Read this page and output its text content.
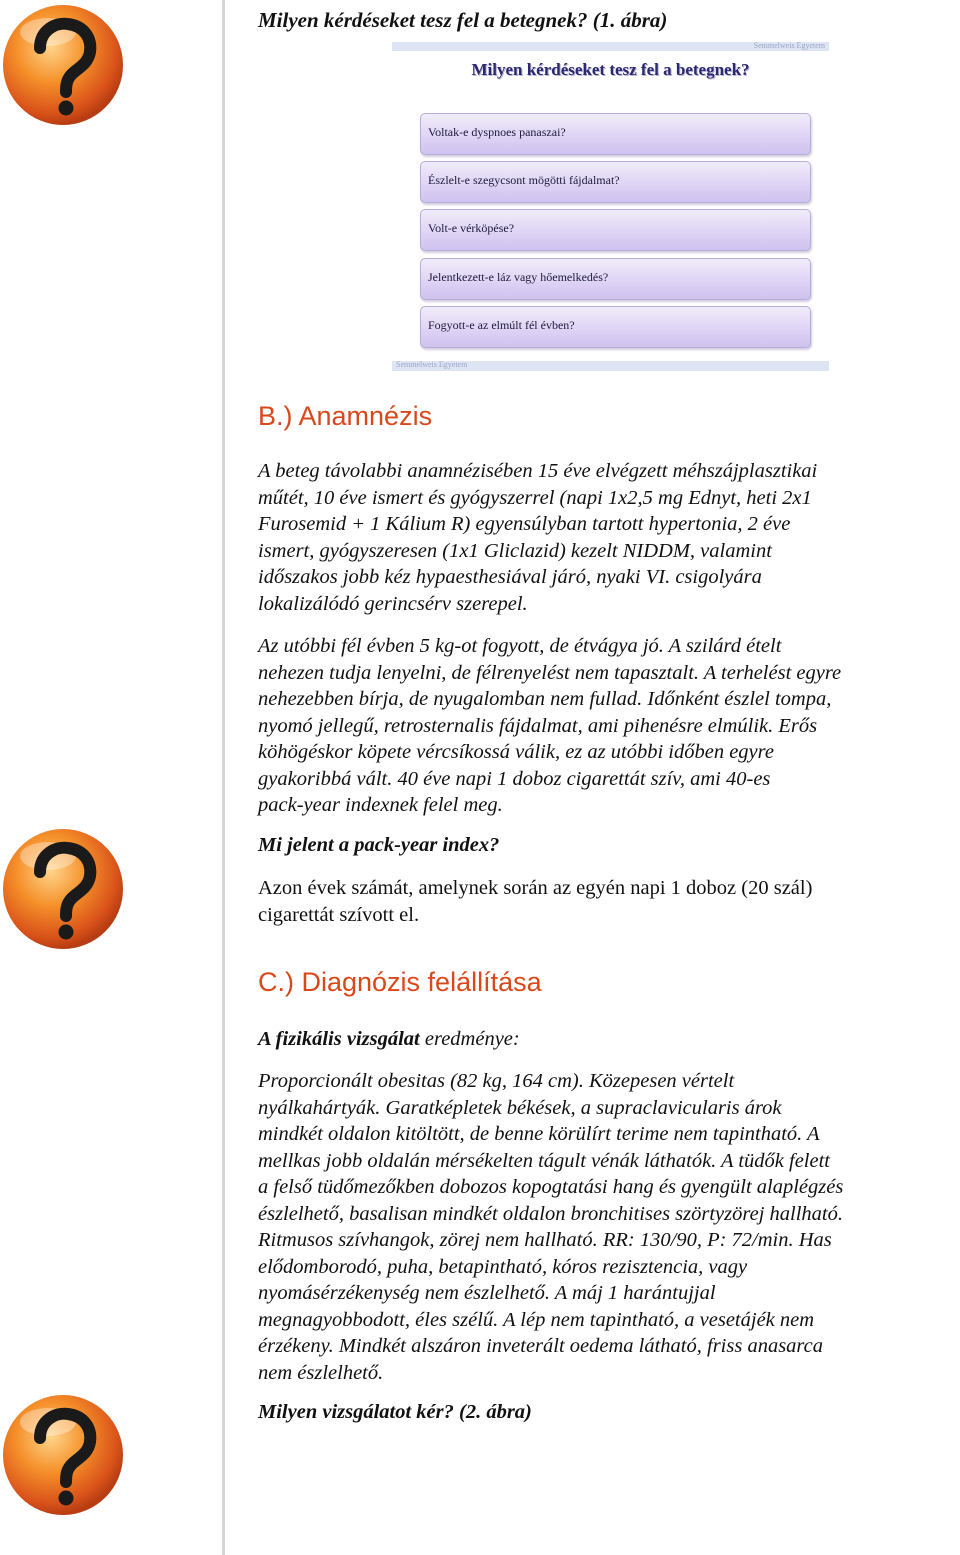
Milyen kérdéseket tesz fel a betegnek? (1. ábra)
Semmelweis Egyetem
Milyen kérdéseket tesz fel a betegnek?
Voltak-e dyspnoes panaszai?
Észlelt-e szegycsont mögötti fájdalmat?
Volt-e vérköpése?
Jelentkezett-e láz vagy hőemelkedés?
Fogyott-e az elmúlt fél évben?
Semmelweis Egyetem
B.) Anamnézis

A beteg távolabbi anamnézisében 15 éve elvégzett méhszájplasztikai

műtét, 10 éve ismert és gyógyszerrel (napi 1x2,5 mg Ednyt, heti 2x1

Furosemid + 1 Kálium R) egyensúlyban tartott hypertonia, 2 éve

ismert, gyógyszeresen (1x1 Gliclazid) kezelt NIDDM, valamint

időszakos jobb kéz hypaesthesiával járó, nyaki VI. csigolyára

lokalizálódó gerincsérv szerepel.

Az utóbbi fél évben 5 kg-ot fogyott, de étvágya jó. A szilárd ételt

nehezen tudja lenyelni, de félrenyelést nem tapasztalt. A terhelést egyre

nehezebben bírja, de nyugalomban nem fullad. Időnként észlel tompa,

nyomó jellegű, retrosternalis fájdalmat, ami pihenésre elmúlik. Erős

köhögéskor köpete vércsíkossá válik, ez az utóbbi időben egyre

gyakoribbá vált. 40 éve napi 1 doboz cigarettát szív, ami 40-es

pack-year indexnek felel meg.

Mi jelent a pack-year index?

Azon évek számát, amelynek során az egyén napi 1 doboz (20 szál)

cigarettát szívott el.

C.) Diagnózis felállítása
A fizikális vizsgálat eredménye:

Proporcionált obesitas (82 kg, 164 cm). Közepesen vértelt

nyálkahártyák. Garatképletek békések, a supraclavicularis árok

mindkét oldalon kitöltött, de benne körülírt terime nem tapintható. A

mellkas jobb oldalán mérsékelten tágult vénák láthatók. A tüdők felett

a felső tüdőmezőkben dobozos kopogtatási hang és gyengült alaplégzés

észlelhető, basalisan mindkét oldalon bronchitises szörtyzörej hallható.

Ritmusos szívhangok, zörej nem hallható. RR: 130/90, P: 72/min. Has

elődomborodó, puha, betapintható, kóros rezisztencia, vagy

nyomásérzékenység nem észlelhető. A máj 1 harántujjal

megnagyobbodott, éles szélű. A lép nem tapintható, a vesetájék nem

érzékeny. Mindkét alszáron inveterált oedema látható, friss anasarca

nem észlelhető.

Milyen vizsgálatot kér? (2. ábra)
